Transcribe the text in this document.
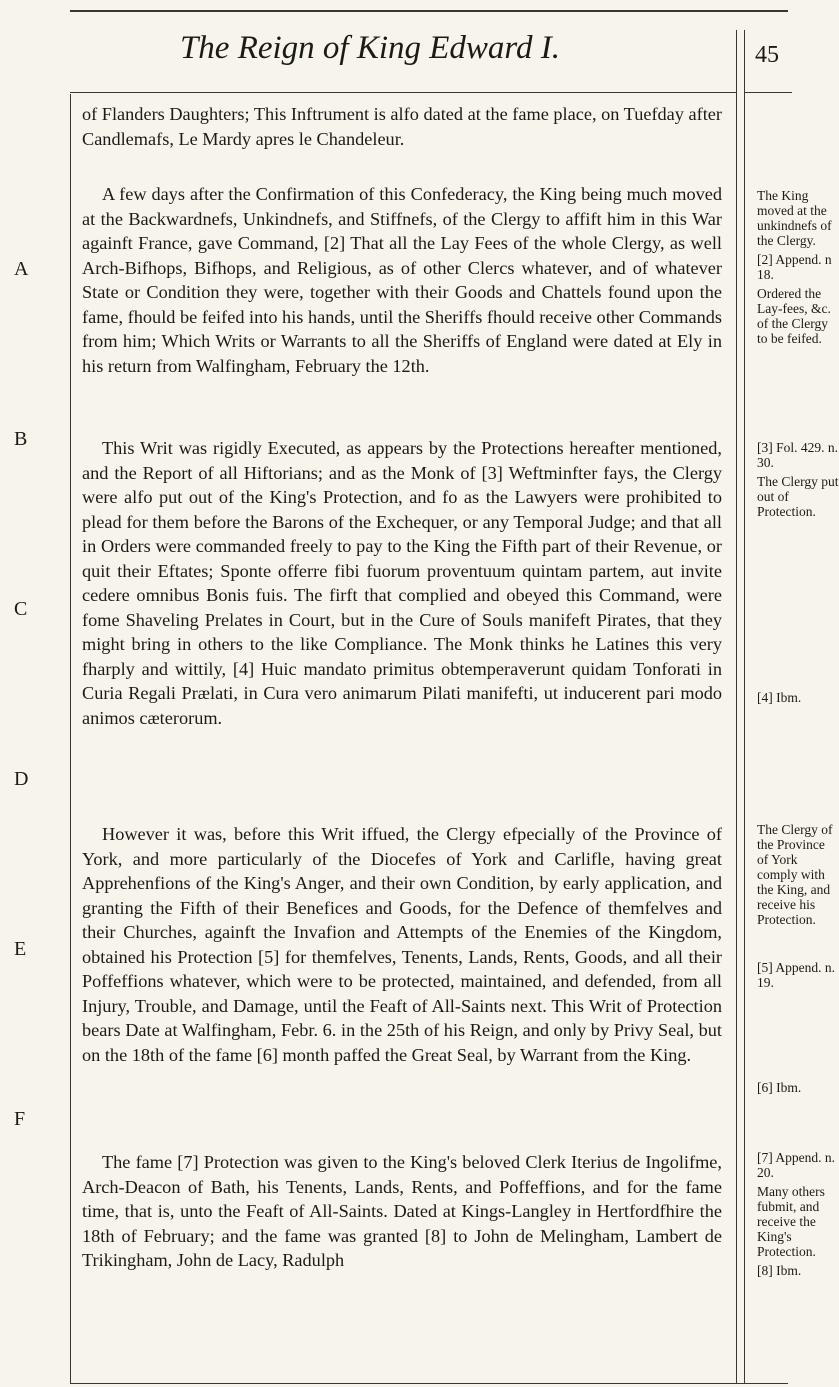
The Reign of King Edward I.	45
A
B
C
D
E
F

of Flanders Daughters; This Inftrument is alfo dated at the fame place, on Tuefday after Candlemafs, Le Mardy apres le Chandeleur.

A few days after the Confirmation of this Confederacy, the King being much moved at the Backwardnefs, Unkindnefs, and Stiffnefs, of the Clergy to affift him in this War againft France, gave Command, [2] That all the Lay Fees of the whole Clergy, as well Arch-Bifhops, Bifhops, and Religious, as of other Clercs whatever, and of whatever State or Condition they were, together with their Goods and Chattels found upon the fame, fhould be feifed into his hands, until the Sheriffs fhould receive other Commands from him; Which Writs or Warrants to all the Sheriffs of England were dated at Ely in his return from Walfingham, February the 12th.

This Writ was rigidly Executed, as appears by the Protections hereafter mentioned, and the Report of all Hiftorians; and as the Monk of [3] Weftminfter fays, the Clergy were alfo put out of the King's Protection, and fo as the Lawyers were prohibited to plead for them before the Barons of the Exchequer, or any Temporal Judge; and that all in Orders were commanded freely to pay to the King the Fifth part of their Revenue, or quit their Eftates; Sponte offerre fibi fuorum proventuum quintam partem, aut invite cedere omnibus Bonis fuis. The firft that complied and obeyed this Command, were fome Shaveling Prelates in Court, but in the Cure of Souls manifeft Pirates, that they might bring in others to the like Compliance. The Monk thinks he Latines this very fharply and wittily, [4] Huic mandato primitus obtemperaverunt quidam Tonforati in Curia Regali Prælati, in Cura vero animarum Pilati manifefti, ut inducerent pari modo animos cæterorum.

However it was, before this Writ iffued, the Clergy efpecially of the Province of York, and more particularly of the Diocefes of York and Carlifle, having great Apprehenfions of the King's Anger, and their own Condition, by early application, and granting the Fifth of their Benefices and Goods, for the Defence of themfelves and their Churches, againft the Invafion and Attempts of the Enemies of the Kingdom, obtained his Protection [5] for themfelves, Tenents, Lands, Rents, Goods, and all their Poffeffions whatever, which were to be protected, maintained, and defended, from all Injury, Trouble, and Damage, until the Feaft of All-Saints next. This Writ of Protection bears Date at Walfingham, Febr. 6. in the 25th of his Reign, and only by Privy Seal, but on the 18th of the fame [6] month paffed the Great Seal, by Warrant from the King.

The fame [7] Protection was given to the King's beloved Clerk Iterius de Ingolifme, Arch-Deacon of Bath, his Tenents, Lands, Rents, and Poffeffions, and for the fame time, that is, unto the Feaft of All-Saints. Dated at Kings-Langley in Hertfordfhire the 18th of February; and the fame was granted [8] to John de Melingham, Lambert de Trikingham, John de Lacy, Radulph

The King moved at the unkindnefs of the Clergy.

[2] Append. n 18.

Ordered the Lay-fees, &c. of the Clergy to be feifed.

[3] Fol. 429. n. 30.

The Clergy put out of Protection.

[4] Ibm.

The Clergy of the Province of York comply with the King, and receive his Protection.

[5] Append. n. 19.

[6] Ibm.

[7] Append. n. 20.

Many others fubmit, and receive the King's Protection.

[8] Ibm.
